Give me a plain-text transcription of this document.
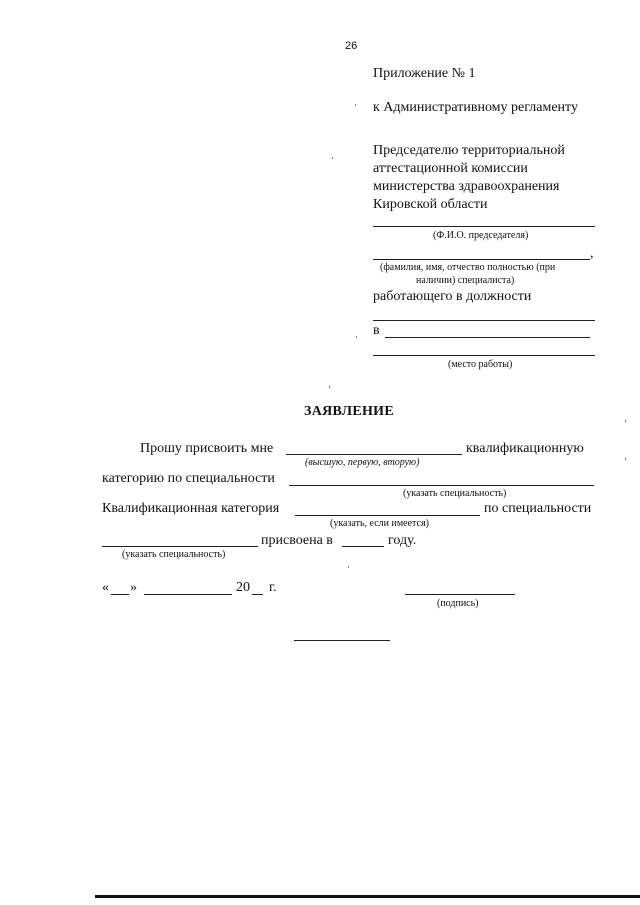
26
Приложение № 1
к Административному регламенту
Председателю территориальной
аттестационной комиссии
министерства здравоохранения
Кировской области
(Ф.И.О. председателя)
,
(фамилия, имя, отчество полностью (при
наличии) специалиста)
работающего в должности
в
(место работы)
ЗАЯВЛЕНИЕ
Прошу присвоить мне	квалификационную
(высшую, первую, вторую)
категорию по специальности
(указать специальность)
Квалификационная категория	по специальности
(указать, если имеется)
присвоена в	году.
(указать специальность)
« »	20 г.
(подпись)
